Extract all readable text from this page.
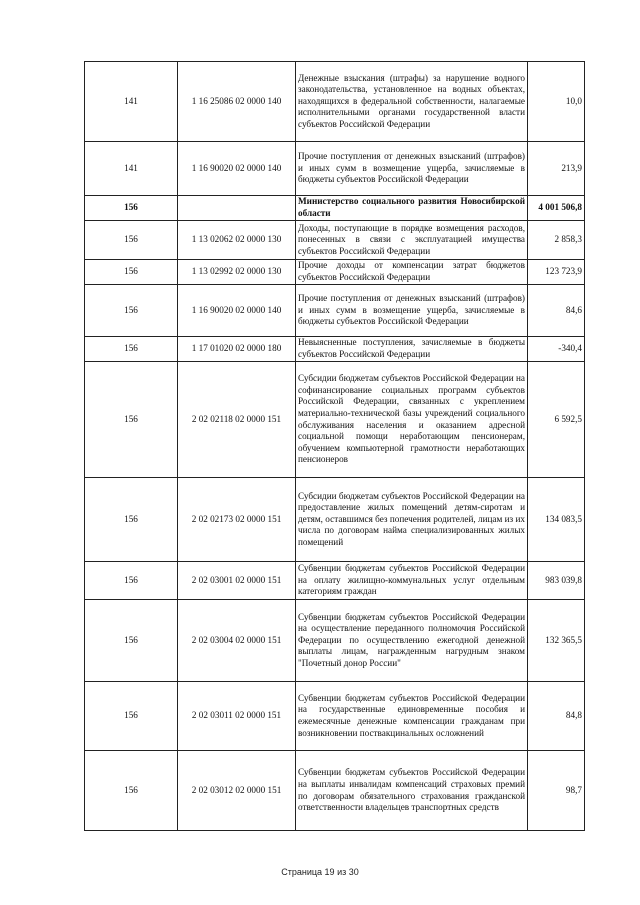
141	1 16 25086 02 0000 140	Денежные взыскания (штрафы) за нарушение водного законодательства, установленное на водных объектах, находящихся в федеральной собственности, налагаемые исполнительными органами государственной власти субъектов Российской Федерации	10,0
141	1 16 90020 02 0000 140	Прочие поступления от денежных взысканий (штрафов) и иных сумм в возмещение ущерба, зачисляемые в бюджеты субъектов Российской Федерации	213,9
156		Министерство социального развития Новосибирской области	4 001 506,8
156	1 13 02062 02 0000 130	Доходы, поступающие в порядке возмещения расходов, понесенных в связи с эксплуатацией имущества субъектов Российской Федерации	2 858,3
156	1 13 02992 02 0000 130	Прочие доходы от компенсации затрат бюджетов субъектов Российской Федерации	123 723,9
156	1 16 90020 02 0000 140	Прочие поступления от денежных взысканий (штрафов) и иных сумм в возмещение ущерба, зачисляемые в бюджеты субъектов Российской Федерации	84,6
156	1 17 01020 02 0000 180	Невыясненные поступления, зачисляемые в бюджеты субъектов Российской Федерации	-340,4
156	2 02 02118 02 0000 151	Субсидии бюджетам субъектов Российской Федерации на софинансирование социальных программ субъектов Российской Федерации, связанных с укреплением материально-технической базы учреждений социального обслуживания населения и оказанием адресной социальной помощи неработающим пенсионерам, обучением компьютерной грамотности неработающих пенсионеров	6 592,5
156	2 02 02173 02 0000 151	Субсидии бюджетам субъектов Российской Федерации на предоставление жилых помещений детям-сиротам и детям, оставшимся без попечения родителей, лицам из их числа по договорам найма специализированных жилых помещений	134 083,5
156	2 02 03001 02 0000 151	Субвенции бюджетам субъектов Российской Федерации на оплату жилищно-коммунальных услуг отдельным категориям граждан	983 039,8
156	2 02 03004 02 0000 151	Субвенции бюджетам субъектов Российской Федерации на осуществление переданного полномочия Российской Федерации по осуществлению ежегодной денежной выплаты лицам, награжденным нагрудным знаком "Почетный донор России"	132 365,5
156	2 02 03011 02 0000 151	Субвенции бюджетам субъектов Российской Федерации на государственные единовременные пособия и ежемесячные денежные компенсации гражданам при возникновении поствакцинальных осложнений	84,8
156	2 02 03012 02 0000 151	Субвенции бюджетам субъектов Российской Федерации на выплаты инвалидам компенсаций страховых премий по договорам обязательного страхования гражданской ответственности владельцев транспортных средств	98,7
Страница 19 из 30
